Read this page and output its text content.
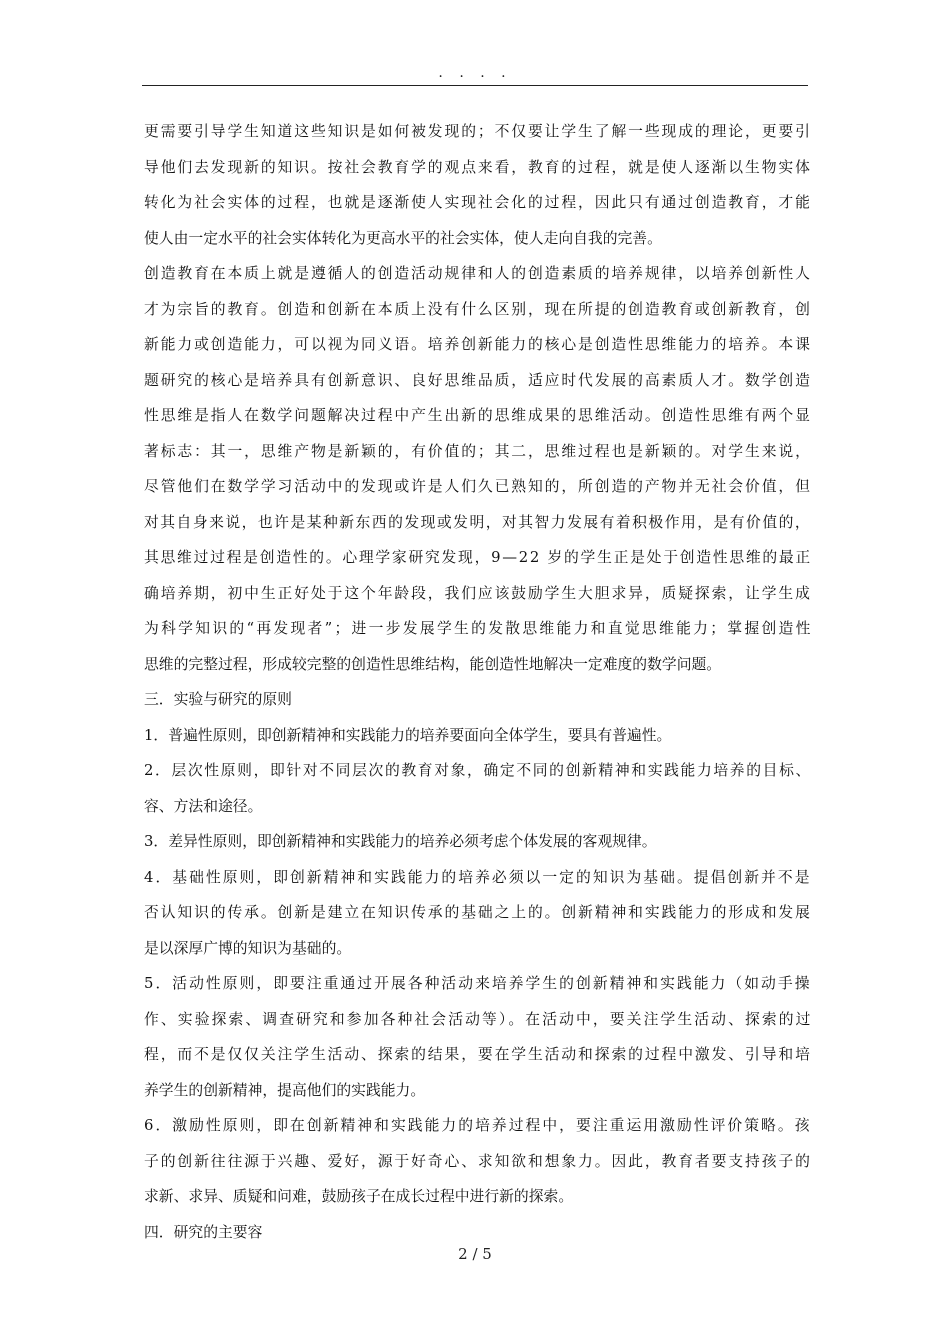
. . . .

更需要引导学生知道这些知识是如何被发现的；不仅要让学生了解一些现成的理论，更要引
导他们去发现新的知识。按社会教育学的观点来看，教育的过程，就是使人逐渐以生物实体
转化为社会实体的过程，也就是逐渐使人实现社会化的过程，因此只有通过创造教育，才能
使人由一定水平的社会实体转化为更高水平的社会实体，使人走向自我的完善。

创造教育在本质上就是遵循人的创造活动规律和人的创造素质的培养规律，以培养创新性人
才为宗旨的教育。创造和创新在本质上没有什么区别，现在所提的创造教育或创新教育，创
新能力或创造能力，可以视为同义语。培养创新能力的核心是创造性思维能力的培养。本课
题研究的核心是培养具有创新意识、良好思维品质，适应时代发展的高素质人才。数学创造
性思维是指人在数学问题解决过程中产生出新的思维成果的思维活动。创造性思维有两个显
著标志：其一，思维产物是新颖的，有价值的；其二，思维过程也是新颖的。对学生来说，
尽管他们在数学学习活动中的发现或许是人们久已熟知的，所创造的产物并无社会价值，但
对其自身来说，也许是某种新东西的发现或发明，对其智力发展有着积极作用，是有价值的，
其思维过过程是创造性的。心理学家研究发现，9—22 岁的学生正是处于创造性思维的最正
确培养期，初中生正好处于这个年龄段，我们应该鼓励学生大胆求异，质疑探索，让学生成
为科学知识的“再发现者”；进一步发展学生的发散思维能力和直觉思维能力；掌握创造性
思维的完整过程，形成较完整的创造性思维结构，能创造性地解决一定难度的数学问题。

三．实验与研究的原则

1．普遍性原则，即创新精神和实践能力的培养要面向全体学生，要具有普遍性。

2．层次性原则，即针对不同层次的教育对象，确定不同的创新精神和实践能力培养的目标、
容、方法和途径。

3．差异性原则，即创新精神和实践能力的培养必须考虑个体发展的客观规律。

4．基础性原则，即创新精神和实践能力的培养必须以一定的知识为基础。提倡创新并不是
否认知识的传承。创新是建立在知识传承的基础之上的。创新精神和实践能力的形成和发展
是以深厚广博的知识为基础的。

5．活动性原则，即要注重通过开展各种活动来培养学生的创新精神和实践能力（如动手操
作、实验探索、调查研究和参加各种社会活动等）。在活动中，要关注学生活动、探索的过
程，而不是仅仅关注学生活动、探索的结果，要在学生活动和探索的过程中激发、引导和培
养学生的创新精神，提高他们的实践能力。

6．激励性原则，即在创新精神和实践能力的培养过程中，要注重运用激励性评价策略。孩
子的创新往往源于兴趣、爱好，源于好奇心、求知欲和想象力。因此，教育者要支持孩子的
求新、求异、质疑和问难，鼓励孩子在成长过程中进行新的探索。

四．研究的主要容

2 / 5
